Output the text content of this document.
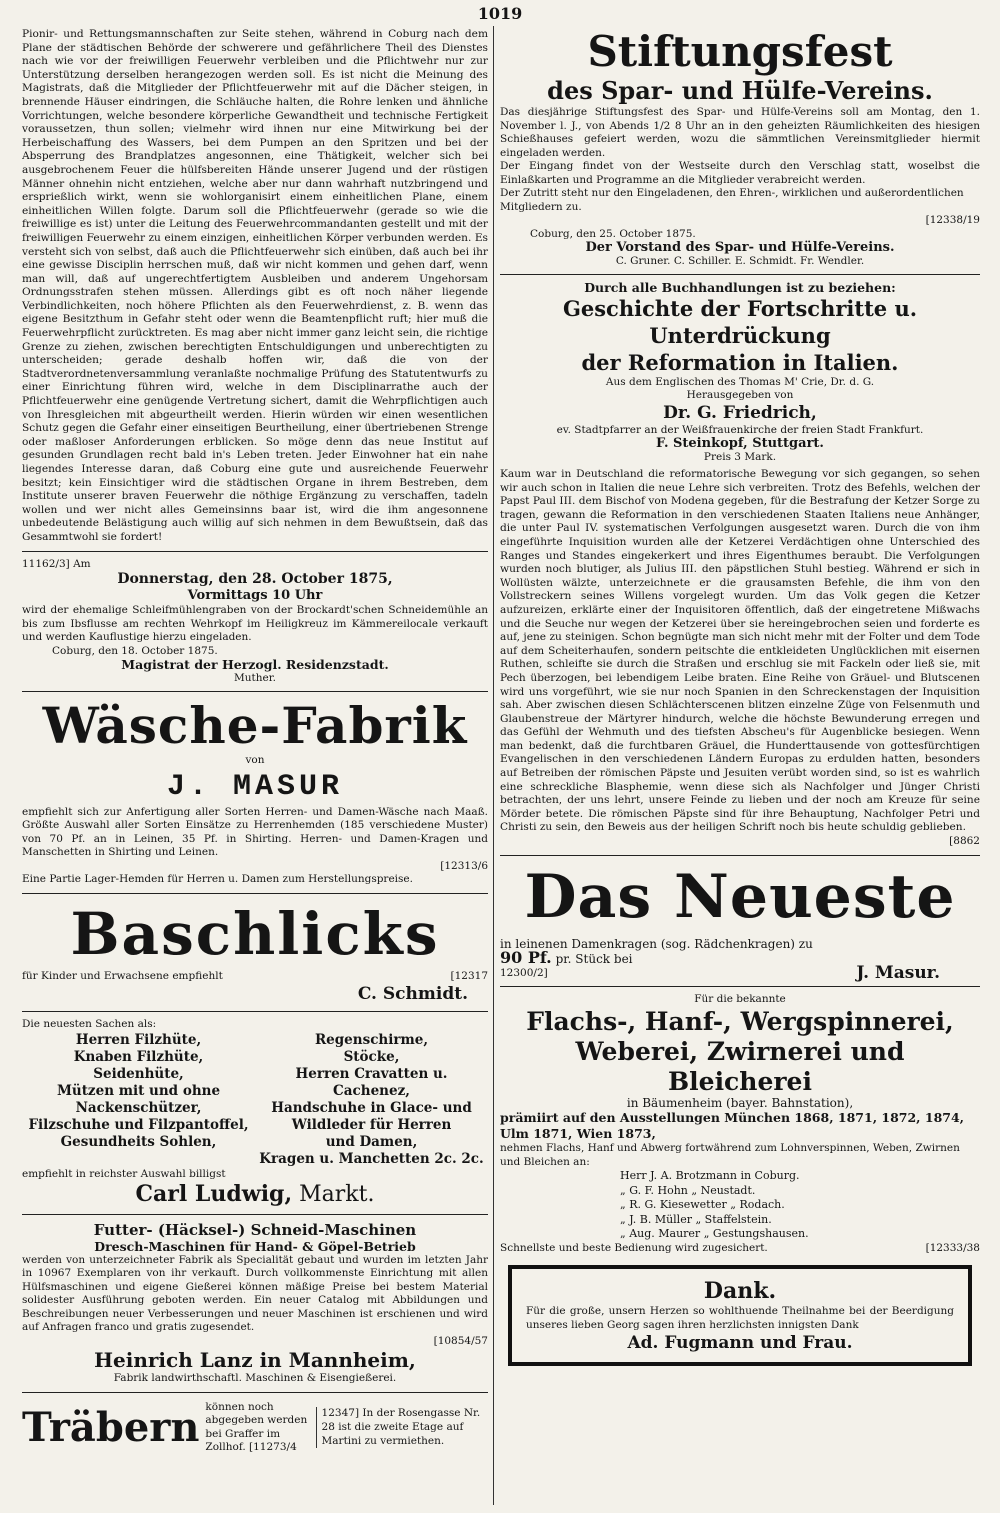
1019

Pionir- und Rettungsmannschaften zur Seite stehen, während in Coburg nach dem Plane der städtischen Behörde der schwerere und gefährlichere Theil des Dienstes nach wie vor der freiwilligen Feuerwehr verbleiben und die Pflichtwehr nur zur Unterstützung derselben herangezogen werden soll. Es ist nicht die Meinung des Magistrats, daß die Mitglieder der Pflichtfeuerwehr mit auf die Dächer steigen, in brennende Häuser eindringen, die Schläuche halten, die Rohre lenken und ähnliche Vorrichtungen, welche besondere körperliche Gewandtheit und technische Fertigkeit voraussetzen, thun sollen; vielmehr wird ihnen nur eine Mitwirkung bei der Herbeischaffung des Wassers, bei dem Pumpen an den Spritzen und bei der Absperrung des Brandplatzes angesonnen, eine Thätigkeit, welcher sich bei ausgebrochenem Feuer die hülfsbereiten Hände unserer Jugend und der rüstigen Männer ohnehin nicht entziehen, welche aber nur dann wahrhaft nutzbringend und ersprießlich wirkt, wenn sie wohlorganisirt einem einheitlichen Plane, einem einheitlichen Willen folgte. Darum soll die Pflichtfeuerwehr (gerade so wie die freiwillige es ist) unter die Leitung des Feuerwehrcommandanten gestellt und mit der freiwilligen Feuerwehr zu einem einzigen, einheitlichen Körper verbunden werden. Es versteht sich von selbst, daß auch die Pflichtfeuerwehr sich einüben, daß auch bei ihr eine gewisse Disciplin herrschen muß, daß wir nicht kommen und gehen darf, wenn man will, daß auf ungerechtfertigtem Ausbleiben und anderem Ungehorsam Ordnungsstrafen stehen müssen. Allerdings gibt es oft noch näher liegende Verbindlichkeiten, noch höhere Pflichten als den Feuerwehrdienst, z. B. wenn das eigene Besitzthum in Gefahr steht oder wenn die Beamtenpflicht ruft; hier muß die Feuerwehrpflicht zurücktreten. Es mag aber nicht immer ganz leicht sein, die richtige Grenze zu ziehen, zwischen berechtigten Entschuldigungen und unberechtigten zu unterscheiden; gerade deshalb hoffen wir, daß die von der Stadtverordnetenversammlung veranlaßte nochmalige Prüfung des Statutentwurfs zu einer Einrichtung führen wird, welche in dem Disciplinarrathe auch der Pflichtfeuerwehr eine genügende Vertretung sichert, damit die Wehrpflichtigen auch von Ihresgleichen mit abgeurtheilt werden. Hierin würden wir einen wesentlichen Schutz gegen die Gefahr einer einseitigen Beurtheilung, einer übertriebenen Strenge oder maßloser Anforderungen erblicken. So möge denn das neue Institut auf gesunden Grundlagen recht bald in's Leben treten. Jeder Einwohner hat ein nahe liegendes Interesse daran, daß Coburg eine gute und ausreichende Feuerwehr besitzt; kein Einsichtiger wird die städtischen Organe in ihrem Bestreben, dem Institute unserer braven Feuerwehr die nöthige Ergänzung zu verschaffen, tadeln wollen und wer nicht alles Gemeinsinns baar ist, wird die ihm angesonnene unbedeutende Belästigung auch willig auf sich nehmen in dem Bewußtsein, daß das Gesammtwohl sie fordert!

11162/3] Am

Donnerstag, den 28. October 1875,

Vormittags 10 Uhr

wird der ehemalige Schleifmühlengraben von der Brockardt'schen Schneidemühle an bis zum Ibsflusse am rechten Wehrkopf im Heiligkreuz im Kämmereilocale verkauft und werden Kauflustige hierzu eingeladen.

Coburg, den 18. October 1875.

Magistrat der Herzogl. Residenzstadt.

Muther.

Wäsche-Fabrik

von

J. MASUR

empfiehlt sich zur Anfertigung aller Sorten Herren- und Damen-Wäsche nach Maaß. Größte Auswahl aller Sorten Einsätze zu Herrenhemden (185 verschiedene Muster) von 70 Pf. an in Leinen, 35 Pf. in Shirting. Herren- und Damen-Kragen und Manschetten in Shirting und Leinen.

[12313/6

Eine Partie Lager-Hemden für Herren u. Damen zum Herstellungspreise.

Baschlicks

für Kinder und Erwachsene empfiehlt	[12317

C. Schmidt.

Die neuesten Sachen als:

Herren Filzhüte,

Knaben Filzhüte,

Seidenhüte,

Mützen mit und ohne

Nackenschützer,

Filzschuhe und Filzpantoffel,

Gesundheits Sohlen,

Regenschirme,

Stöcke,

Herren Cravatten u. Cachenez,

Handschuhe in Glace- und

Wildleder für Herren

und Damen,

Kragen u. Manchetten 2c. 2c.

empfiehlt in reichster Auswahl billigst

Carl Ludwig, Markt.

Futter- (Häcksel-) Schneid-Maschinen

Dresch-Maschinen für Hand- & Göpel-Betrieb

werden von unterzeichneter Fabrik als Specialität gebaut und wurden im letzten Jahr in 10967 Exemplaren von ihr verkauft. Durch vollkommenste Einrichtung mit allen Hülfsmaschinen und eigene Gießerei können mäßige Preise bei bestem Material solidester Ausführung geboten werden. Ein neuer Catalog mit Abbildungen und Beschreibungen neuer Verbesserungen und neuer Maschinen ist erschienen und wird auf Anfragen franco und gratis zugesendet.

[10854/57

Heinrich Lanz in Mannheim,

Fabrik landwirthschaftl. Maschinen & Eisengießerei.

Träbern können noch abgegeben werden bei Graffer im Zollhof. [11273/4
12347] In der Rosengasse Nr. 28 ist die zweite Etage auf Martini zu vermiethen.

Stiftungsfest

des Spar- und Hülfe-Vereins.

Das diesjährige Stiftungsfest des Spar- und Hülfe-Vereins soll am Montag, den 1. November l. J., von Abends 1/2 8 Uhr an in den geheizten Räumlichkeiten des hiesigen Schießhauses gefeiert werden, wozu die sämmtlichen Vereinsmitglieder hiermit eingeladen werden.

Der Eingang findet von der Westseite durch den Verschlag statt, woselbst die Einlaßkarten und Programme an die Mitglieder verabreicht werden.

Der Zutritt steht nur den Eingeladenen, den Ehren-, wirklichen und außerordentlichen Mitgliedern zu.

[12338/19

Coburg, den 25. October 1875.

Der Vorstand des Spar- und Hülfe-Vereins.

C. Gruner. C. Schiller. E. Schmidt. Fr. Wendler.

Durch alle Buchhandlungen ist zu beziehen:

Geschichte der Fortschritte u. Unterdrückung

der Reformation in Italien.

Aus dem Englischen des Thomas M' Crie, Dr. d. G.

Herausgegeben von

Dr. G. Friedrich,

ev. Stadtpfarrer an der Weißfrauenkirche der freien Stadt Frankfurt.

F. Steinkopf, Stuttgart.

Preis 3 Mark.

Kaum war in Deutschland die reformatorische Bewegung vor sich gegangen, so sehen wir auch schon in Italien die neue Lehre sich verbreiten. Trotz des Befehls, welchen der Papst Paul III. dem Bischof von Modena gegeben, für die Bestrafung der Ketzer Sorge zu tragen, gewann die Reformation in den verschiedenen Staaten Italiens neue Anhänger, die unter Paul IV. systematischen Verfolgungen ausgesetzt waren. Durch die von ihm eingeführte Inquisition wurden alle der Ketzerei Verdächtigen ohne Unterschied des Ranges und Standes eingekerkert und ihres Eigenthumes beraubt. Die Verfolgungen wurden noch blutiger, als Julius III. den päpstlichen Stuhl bestieg. Während er sich in Wollüsten wälzte, unterzeichnete er die grausamsten Befehle, die ihm von den Vollstreckern seines Willens vorgelegt wurden. Um das Volk gegen die Ketzer aufzureizen, erklärte einer der Inquisitoren öffentlich, daß der eingetretene Mißwachs und die Seuche nur wegen der Ketzerei über sie hereingebrochen seien und forderte es auf, jene zu steinigen. Schon begnügte man sich nicht mehr mit der Folter und dem Tode auf dem Scheiterhaufen, sondern peitschte die entkleideten Unglücklichen mit eisernen Ruthen, schleifte sie durch die Straßen und erschlug sie mit Fackeln oder ließ sie, mit Pech überzogen, bei lebendigem Leibe braten. Eine Reihe von Gräuel- und Blutscenen wird uns vorgeführt, wie sie nur noch Spanien in den Schreckenstagen der Inquisition sah. Aber zwischen diesen Schlächterscenen blitzen einzelne Züge von Felsenmuth und Glaubenstreue der Märtyrer hindurch, welche die höchste Bewunderung erregen und das Gefühl der Wehmuth und des tiefsten Abscheu's für Augenblicke besiegen. Wenn man bedenkt, daß die furchtbaren Gräuel, die Hunderttausende von gottesfürchtigen Evangelischen in den verschiedenen Ländern Europas zu erdulden hatten, besonders auf Betreiben der römischen Päpste und Jesuiten verübt worden sind, so ist es wahrlich eine schreckliche Blasphemie, wenn diese sich als Nachfolger und Jünger Christi betrachten, der uns lehrt, unsere Feinde zu lieben und der noch am Kreuze für seine Mörder betete. Die römischen Päpste sind für ihre Behauptung, Nachfolger Petri und Christi zu sein, den Beweis aus der heiligen Schrift noch bis heute schuldig geblieben.

[8862

Das Neueste

in leinenen Damenkragen (sog. Rädchenkragen) zu

90 Pf. pr. Stück bei

12300/2]	J. Masur.

Für die bekannte

Flachs-, Hanf-, Wergspinnerei,

Weberei, Zwirnerei und Bleicherei

in Bäumenheim (bayer. Bahnstation),

prämiirt auf den Ausstellungen München 1868, 1871, 1872, 1874, Ulm 1871, Wien 1873,

nehmen Flachs, Hanf und Abwerg fortwährend zum Lohnverspinnen, Weben, Zwirnen und Bleichen an:

Herr J. A. Brotzmann in Coburg.

„ G. F. Hohn „ Neustadt.

„ R. G. Kiesewetter „ Rodach.

„ J. B. Müller „ Staffelstein.

„ Aug. Maurer „ Gestungshausen.

Schnellste und beste Bedienung wird zugesichert.	[12333/38

Dank.

Für die große, unsern Herzen so wohlthuende Theilnahme bei der Beerdigung unseres lieben Georg sagen ihren herzlichsten innigsten Dank

Ad. Fugmann und Frau.
